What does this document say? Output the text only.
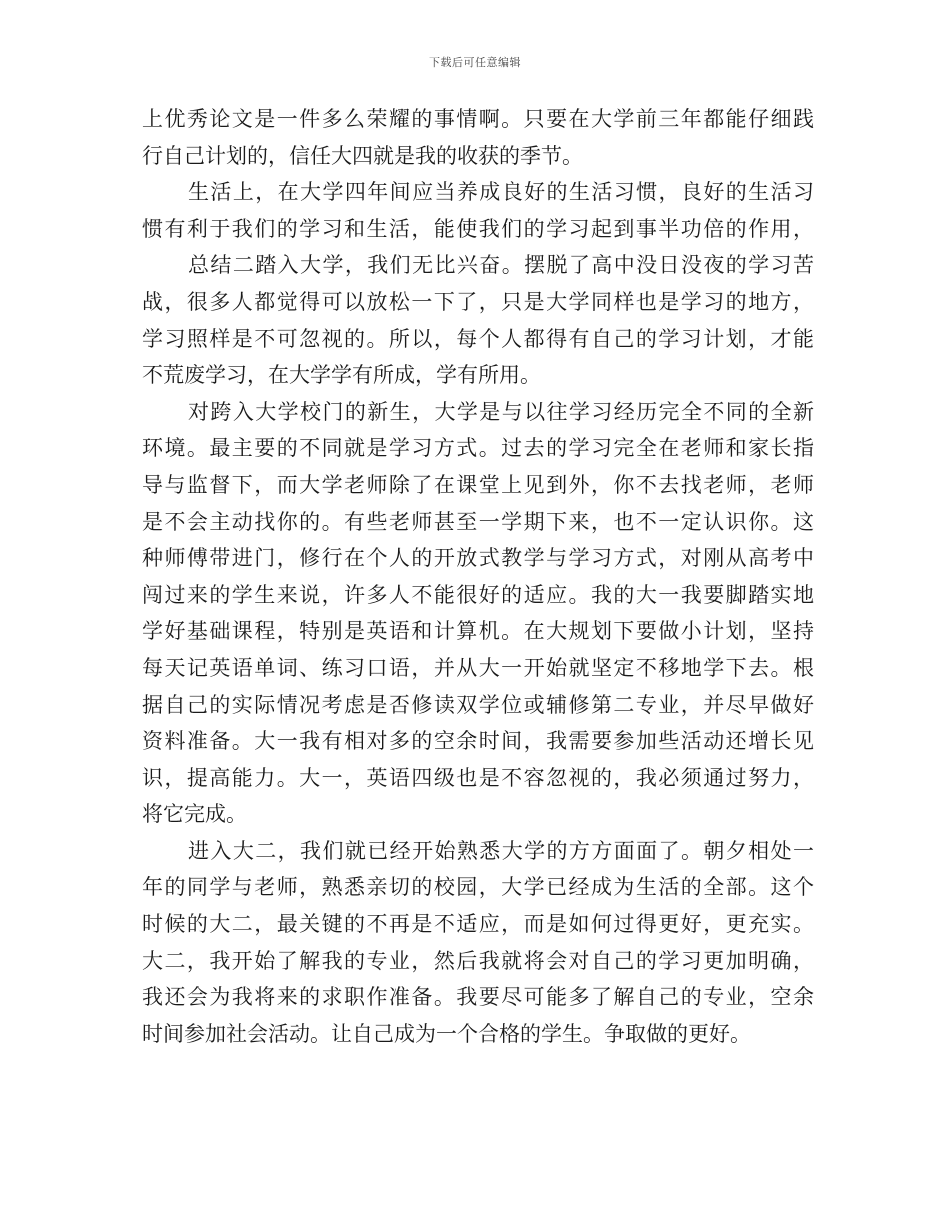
下载后可任意编辑
上优秀论文是一件多么荣耀的事情啊。只要在大学前三年都能仔细践
行自己计划的，信任大四就是我的收获的季节。
生活上，在大学四年间应当养成良好的生活习惯，良好的生活习
惯有利于我们的学习和生活，能使我们的学习起到事半功倍的作用，
总结二踏入大学，我们无比兴奋。摆脱了高中没日没夜的学习苦
战，很多人都觉得可以放松一下了，只是大学同样也是学习的地方，
学习照样是不可忽视的。所以，每个人都得有自己的学习计划，才能
不荒废学习，在大学学有所成，学有所用。
对跨入大学校门的新生，大学是与以往学习经历完全不同的全新
环境。最主要的不同就是学习方式。过去的学习完全在老师和家长指
导与监督下，而大学老师除了在课堂上见到外，你不去找老师，老师
是不会主动找你的。有些老师甚至一学期下来，也不一定认识你。这
种师傅带进门，修行在个人的开放式教学与学习方式，对刚从高考中
闯过来的学生来说，许多人不能很好的适应。我的大一我要脚踏实地
学好基础课程，特别是英语和计算机。在大规划下要做小计划，坚持
每天记英语单词、练习口语，并从大一开始就坚定不移地学下去。根
据自己的实际情况考虑是否修读双学位或辅修第二专业，并尽早做好
资料准备。大一我有相对多的空余时间，我需要参加些活动还增长见
识，提高能力。大一，英语四级也是不容忽视的，我必须通过努力，
将它完成。
进入大二，我们就已经开始熟悉大学的方方面面了。朝夕相处一
年的同学与老师，熟悉亲切的校园，大学已经成为生活的全部。这个
时候的大二，最关键的不再是不适应，而是如何过得更好，更充实。
大二，我开始了解我的专业，然后我就将会对自己的学习更加明确，
我还会为我将来的求职作准备。我要尽可能多了解自己的专业，空余
时间参加社会活动。让自己成为一个合格的学生。争取做的更好。
